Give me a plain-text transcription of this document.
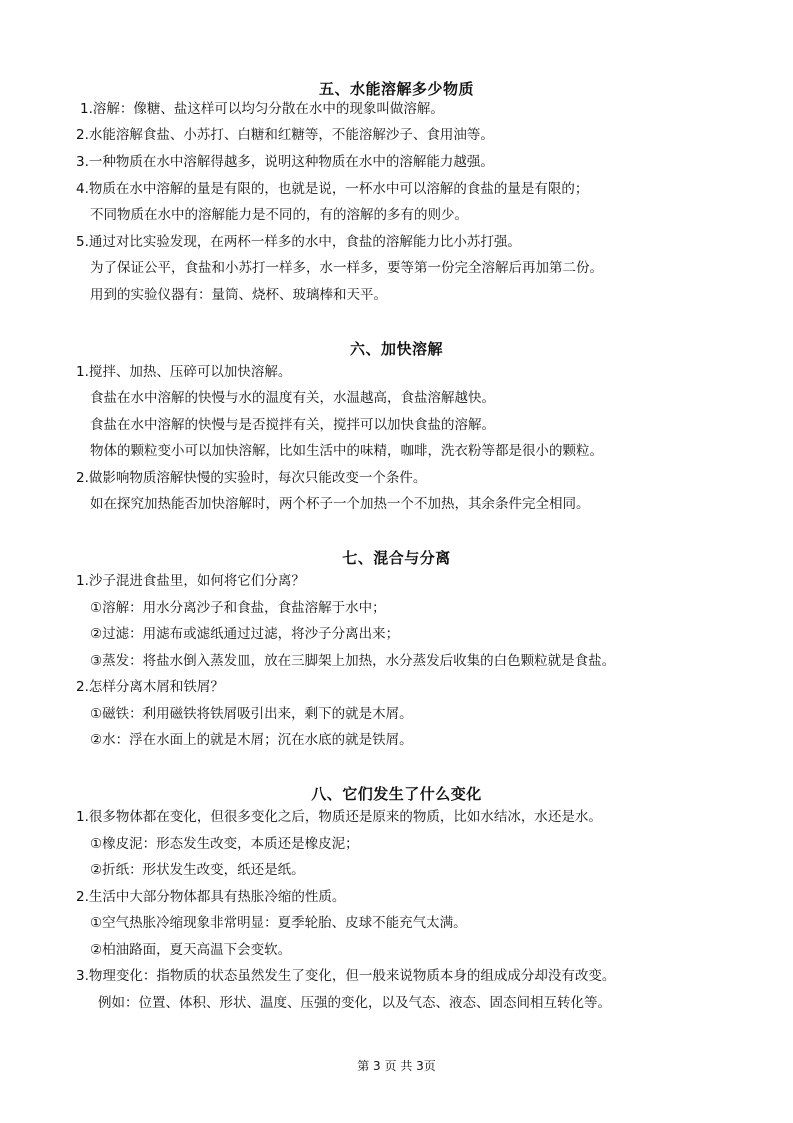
五、水能溶解多少物质
1.溶解：像糖、盐这样可以均匀分散在水中的现象叫做溶解。
2.水能溶解食盐、小苏打、白糖和红糖等，不能溶解沙子、食用油等。
3.一种物质在水中溶解得越多，说明这种物质在水中的溶解能力越强。
4.物质在水中溶解的量是有限的，也就是说，一杯水中可以溶解的食盐的量是有限的；
不同物质在水中的溶解能力是不同的，有的溶解的多有的则少。
5.通过对比实验发现，在两杯一样多的水中，食盐的溶解能力比小苏打强。
为了保证公平，食盐和小苏打一样多，水一样多，要等第一份完全溶解后再加第二份。
用到的实验仪器有：量筒、烧杯、玻璃棒和天平。
六、加快溶解
1.搅拌、加热、压碎可以加快溶解。
食盐在水中溶解的快慢与水的温度有关，水温越高，食盐溶解越快。
食盐在水中溶解的快慢与是否搅拌有关，搅拌可以加快食盐的溶解。
物体的颗粒变小可以加快溶解，比如生活中的味精，咖啡，洗衣粉等都是很小的颗粒。
2.做影响物质溶解快慢的实验时，每次只能改变一个条件。
如在探究加热能否加快溶解时，两个杯子一个加热一个不加热，其余条件完全相同。
七、混合与分离
1.沙子混进食盐里，如何将它们分离？
①溶解：用水分离沙子和食盐，食盐溶解于水中；
②过滤：用滤布或滤纸通过过滤，将沙子分离出来；
③蒸发：将盐水倒入蒸发皿，放在三脚架上加热，水分蒸发后收集的白色颗粒就是食盐。
2.怎样分离木屑和铁屑？
①磁铁：利用磁铁将铁屑吸引出来，剩下的就是木屑。
②水：浮在水面上的就是木屑；沉在水底的就是铁屑。
八、它们发生了什么变化
1.很多物体都在变化，但很多变化之后，物质还是原来的物质，比如水结冰，水还是水。
①橡皮泥：形态发生改变，本质还是橡皮泥；
②折纸：形状发生改变，纸还是纸。
2.生活中大部分物体都具有热胀冷缩的性质。
①空气热胀冷缩现象非常明显：夏季轮胎、皮球不能充气太满。
②柏油路面，夏天高温下会变软。
3.物理变化：指物质的状态虽然发生了变化，但一般来说物质本身的组成成分却没有改变。
例如：位置、体积、形状、温度、压强的变化，以及气态、液态、固态间相互转化等。
第 3 页 共 3页
